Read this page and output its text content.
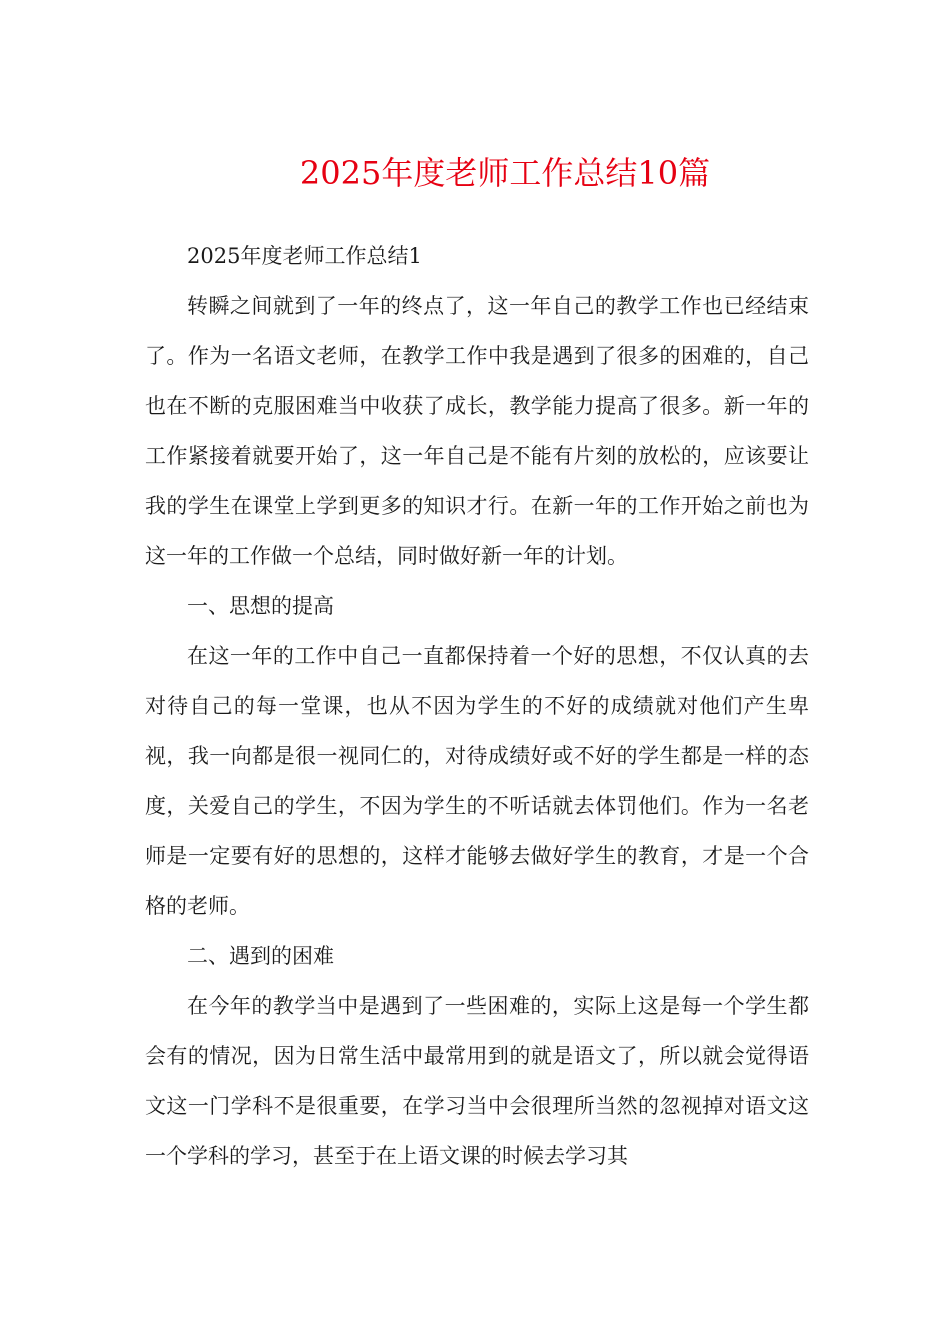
2025年度老师工作总结10篇

2025年度老师工作总结1

转瞬之间就到了一年的终点了，这一年自己的教学工作也已经结束了。作为一名语文老师，在教学工作中我是遇到了很多的困难的，自己也在不断的克服困难当中收获了成长，教学能力提高了很多。新一年的工作紧接着就要开始了，这一年自己是不能有片刻的放松的，应该要让我的学生在课堂上学到更多的知识才行。在新一年的工作开始之前也为这一年的工作做一个总结，同时做好新一年的计划。

一、思想的提高

在这一年的工作中自己一直都保持着一个好的思想，不仅认真的去对待自己的每一堂课，也从不因为学生的不好的成绩就对他们产生卑视，我一向都是很一视同仁的，对待成绩好或不好的学生都是一样的态度，关爱自己的学生，不因为学生的不听话就去体罚他们。作为一名老师是一定要有好的思想的，这样才能够去做好学生的教育，才是一个合格的老师。

二、遇到的困难

在今年的教学当中是遇到了一些困难的，实际上这是每一个学生都会有的情况，因为日常生活中最常用到的就是语文了，所以就会觉得语文这一门学科不是很重要，在学习当中会很理所当然的忽视掉对语文这一个学科的学习，甚至于在上语文课的时候去学习其
